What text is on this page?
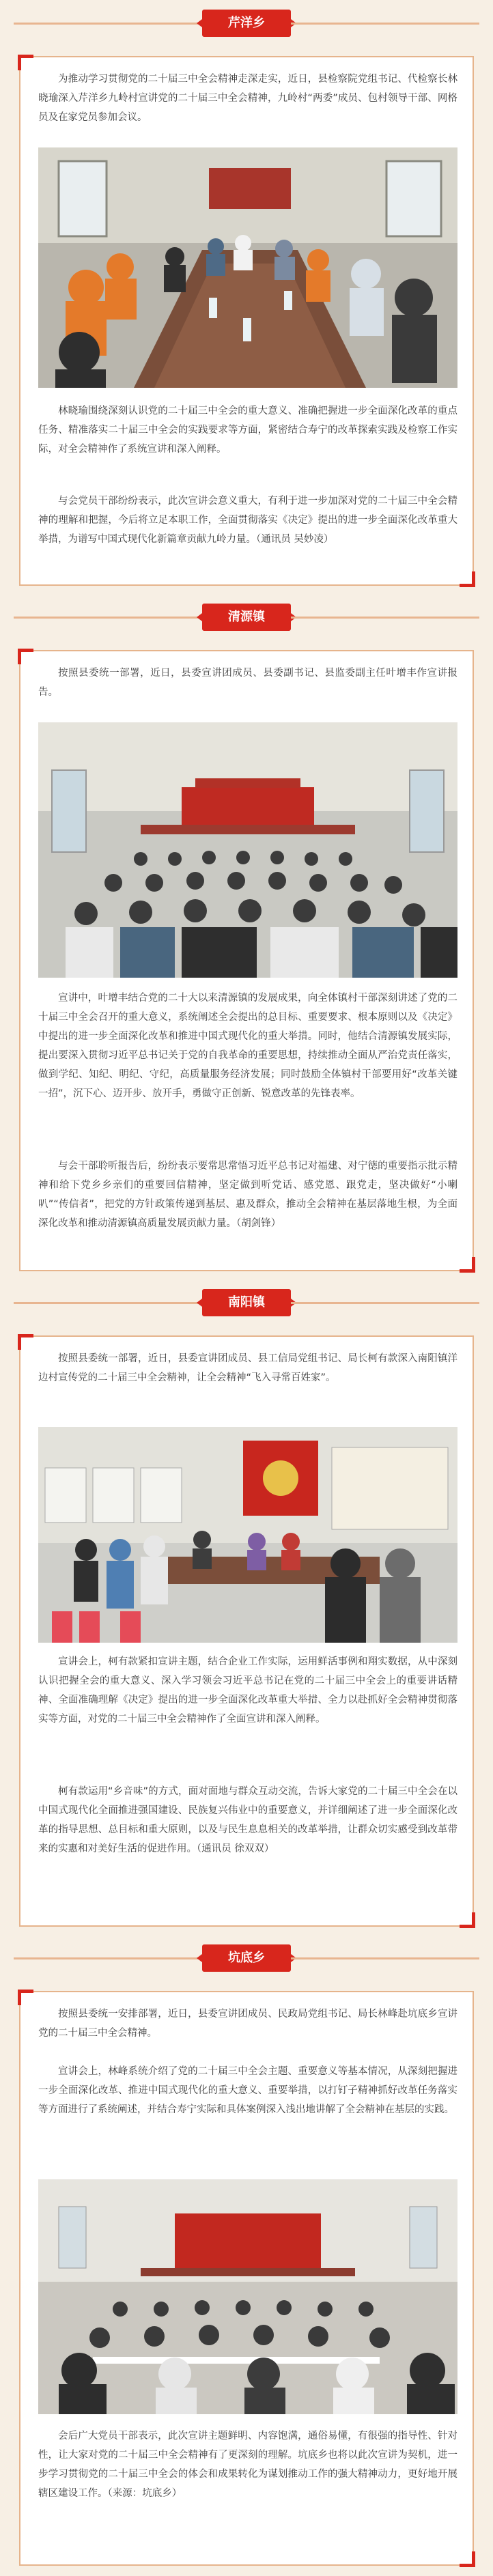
芹洋乡

为推动学习贯彻党的二十届三中全会精神走深走实，近日，县检察院党组书记、代检察长林晓瑜深入芹洋乡九岭村宣讲党的二十届三中全会精神，九岭村“两委”成员、包村领导干部、网格员及在家党员参加会议。

林晓瑜围绕深刻认识党的二十届三中全会的重大意义、准确把握进一步全面深化改革的重点任务、精准落实二十届三中全会的实践要求等方面，紧密结合寿宁的改革探索实践及检察工作实际，对全会精神作了系统宣讲和深入阐释。

与会党员干部纷纷表示，此次宣讲会意义重大，有利于进一步加深对党的二十届三中全会精神的理解和把握，今后将立足本职工作，全面贯彻落实《决定》提出的进一步全面深化改革重大举措，为谱写中国式现代化新篇章贡献九岭力量。（通讯员 吴妙凌）

清源镇

按照县委统一部署，近日，县委宣讲团成员、县委副书记、县监委副主任叶增丰作宣讲报告。

宣讲中，叶增丰结合党的二十大以来清源镇的发展成果，向全体镇村干部深刻讲述了党的二十届三中全会召开的重大意义，系统阐述全会提出的总目标、重要要求、根本原则以及《决定》中提出的进一步全面深化改革和推进中国式现代化的重大举措。同时，他结合清源镇发展实际，提出要深入贯彻习近平总书记关于党的自我革命的重要思想，持续推动全面从严治党责任落实，做到学纪、知纪、明纪、守纪，高质量服务经济发展；同时鼓励全体镇村干部要用好“改革关键一招”，沉下心、迈开步、放开手，勇做守正创新、锐意改革的先锋表率。

与会干部聆听报告后，纷纷表示要常思常悟习近平总书记对福建、对宁德的重要指示批示精神和给下党乡乡亲们的重要回信精神，坚定做到听党话、感党恩、跟党走，坚决做好“小喇叭”“传信者”，把党的方针政策传递到基层、惠及群众，推动全会精神在基层落地生根，为全面深化改革和推动清源镇高质量发展贡献力量。（胡剑锋）

南阳镇

按照县委统一部署，近日，县委宣讲团成员、县工信局党组书记、局长柯有款深入南阳镇洋边村宣传党的二十届三中全会精神，让全会精神“飞入寻常百姓家”。

宣讲会上，柯有款紧扣宣讲主题，结合企业工作实际，运用鲜活事例和翔实数据，从中深刻认识把握全会的重大意义、深入学习领会习近平总书记在党的二十届三中全会上的重要讲话精神、全面准确理解《决定》提出的进一步全面深化改革重大举措、全力以赴抓好全会精神贯彻落实等方面，对党的二十届三中全会精神作了全面宣讲和深入阐释。

柯有款运用“乡音味”的方式，面对面地与群众互动交流，告诉大家党的二十届三中全会在以中国式现代化全面推进强国建设、民族复兴伟业中的重要意义，并详细阐述了进一步全面深化改革的指导思想、总目标和重大原则，以及与民生息息相关的改革举措，让群众切实感受到改革带来的实惠和对美好生活的促进作用。（通讯员 徐双双）

坑底乡

按照县委统一安排部署，近日，县委宣讲团成员、民政局党组书记、局长林峰赴坑底乡宣讲党的二十届三中全会精神。

宣讲会上，林峰系统介绍了党的二十届三中全会主题、重要意义等基本情况，从深刻把握进一步全面深化改革、推进中国式现代化的重大意义、重要举措，以打钉子精神抓好改革任务落实等方面进行了系统阐述，并结合寿宁实际和具体案例深入浅出地讲解了全会精神在基层的实践。

会后广大党员干部表示，此次宣讲主题鲜明、内容饱满，通俗易懂，有很强的指导性、针对性，让大家对党的二十届三中全会精神有了更深刻的理解。坑底乡也将以此次宣讲为契机，进一步学习贯彻党的二十届三中全会的体会和成果转化为谋划推动工作的强大精神动力，更好地开展辖区建设工作。（来源：坑底乡）
